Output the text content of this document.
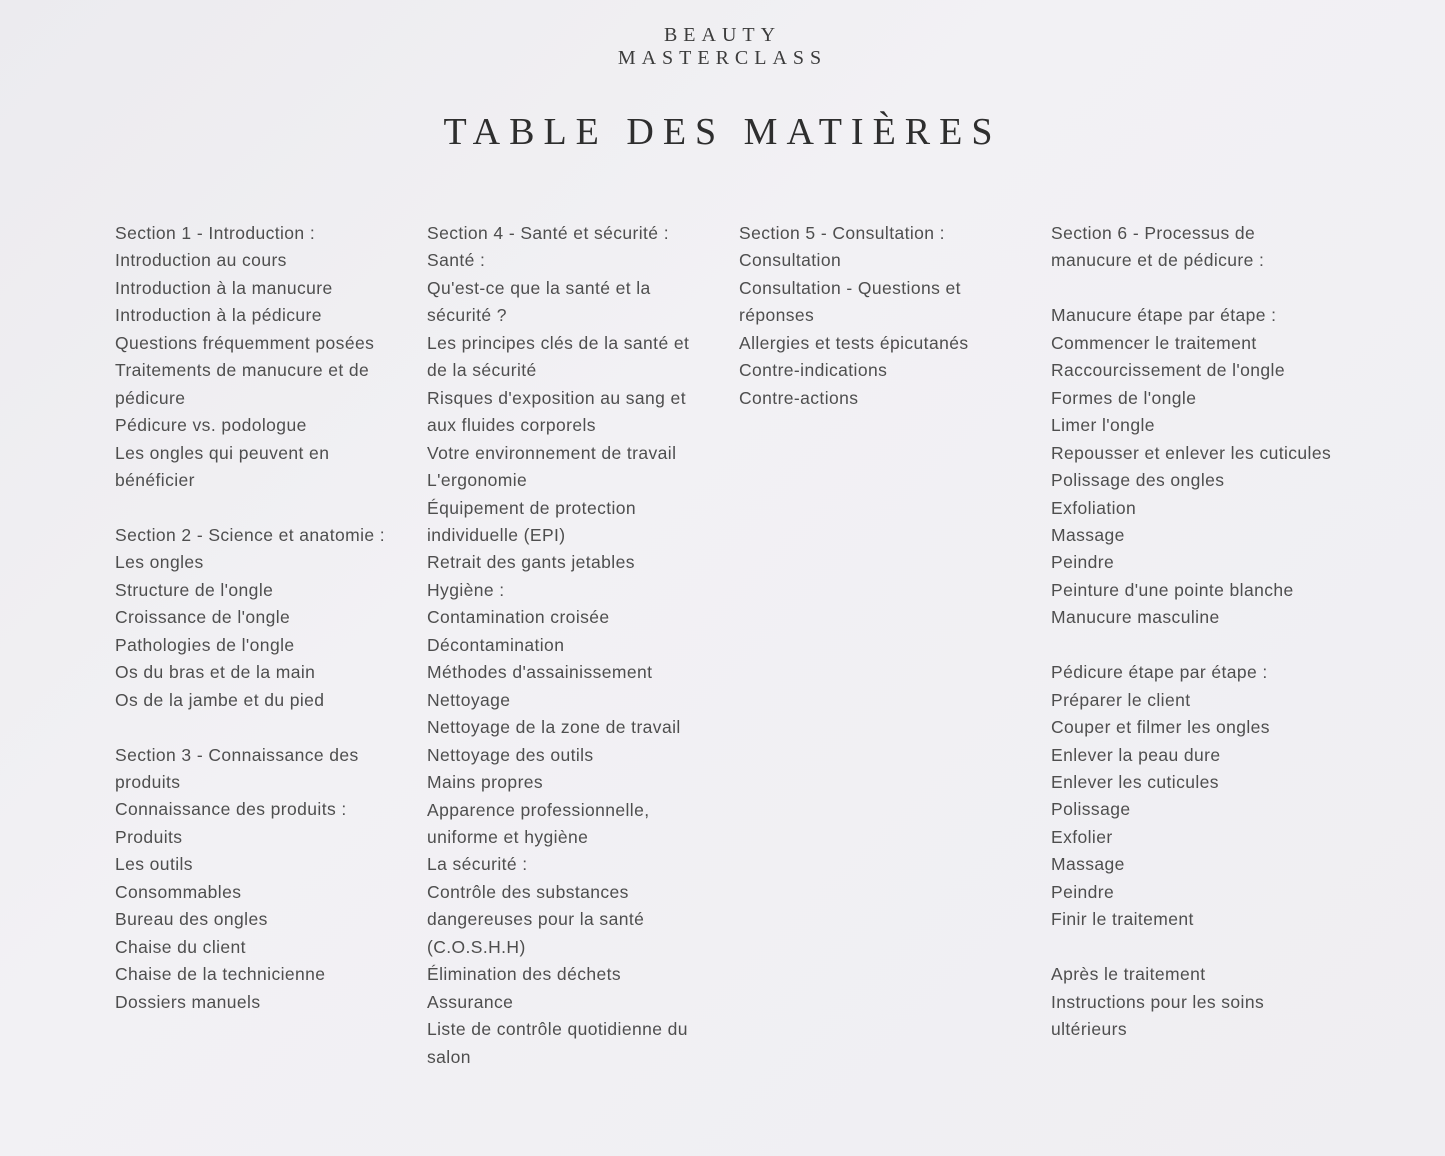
BEAUTY
MASTERCLASS
TABLE DES MATIÈRES
Section 1 - Introduction :
Introduction au cours
Introduction à la manucure
Introduction à la pédicure
Questions fréquemment posées
Traitements de manucure et de
pédicure
Pédicure vs. podologue
Les ongles qui peuvent en
bénéficier
Section 2 - Science et anatomie :
Les ongles
Structure de l'ongle
Croissance de l'ongle
Pathologies de l'ongle
Os du bras et de la main
Os de la jambe et du pied
Section 3 - Connaissance des
produits
Connaissance des produits :
Produits
Les outils
Consommables
Bureau des ongles
Chaise du client
Chaise de la technicienne
Dossiers manuels
Section 4 - Santé et sécurité :
Santé :
Qu'est-ce que la santé et la
sécurité ?
Les principes clés de la santé et
de la sécurité
Risques d'exposition au sang et
aux fluides corporels
Votre environnement de travail
L'ergonomie
Équipement de protection
individuelle (EPI)
Retrait des gants jetables
Hygiène :
Contamination croisée
Décontamination
Méthodes d'assainissement
Nettoyage
Nettoyage de la zone de travail
Nettoyage des outils
Mains propres
Apparence professionnelle,
uniforme et hygiène
La sécurité :
Contrôle des substances
dangereuses pour la santé
(C.O.S.H.H)
Élimination des déchets
Assurance
Liste de contrôle quotidienne du
salon
Section 5 - Consultation :
Consultation
Consultation - Questions et
réponses
Allergies et tests épicutanés
Contre-indications
Contre-actions
Section 6 - Processus de
manucure et de pédicure :
Manucure étape par étape :
Commencer le traitement
Raccourcissement de l'ongle
Formes de l'ongle
Limer l'ongle
Repousser et enlever les cuticules
Polissage des ongles
Exfoliation
Massage
Peindre
Peinture d'une pointe blanche
Manucure masculine
Pédicure étape par étape :
Préparer le client
Couper et filmer les ongles
Enlever la peau dure
Enlever les cuticules
Polissage
Exfolier
Massage
Peindre
Finir le traitement
Après le traitement
Instructions pour les soins
ultérieurs
